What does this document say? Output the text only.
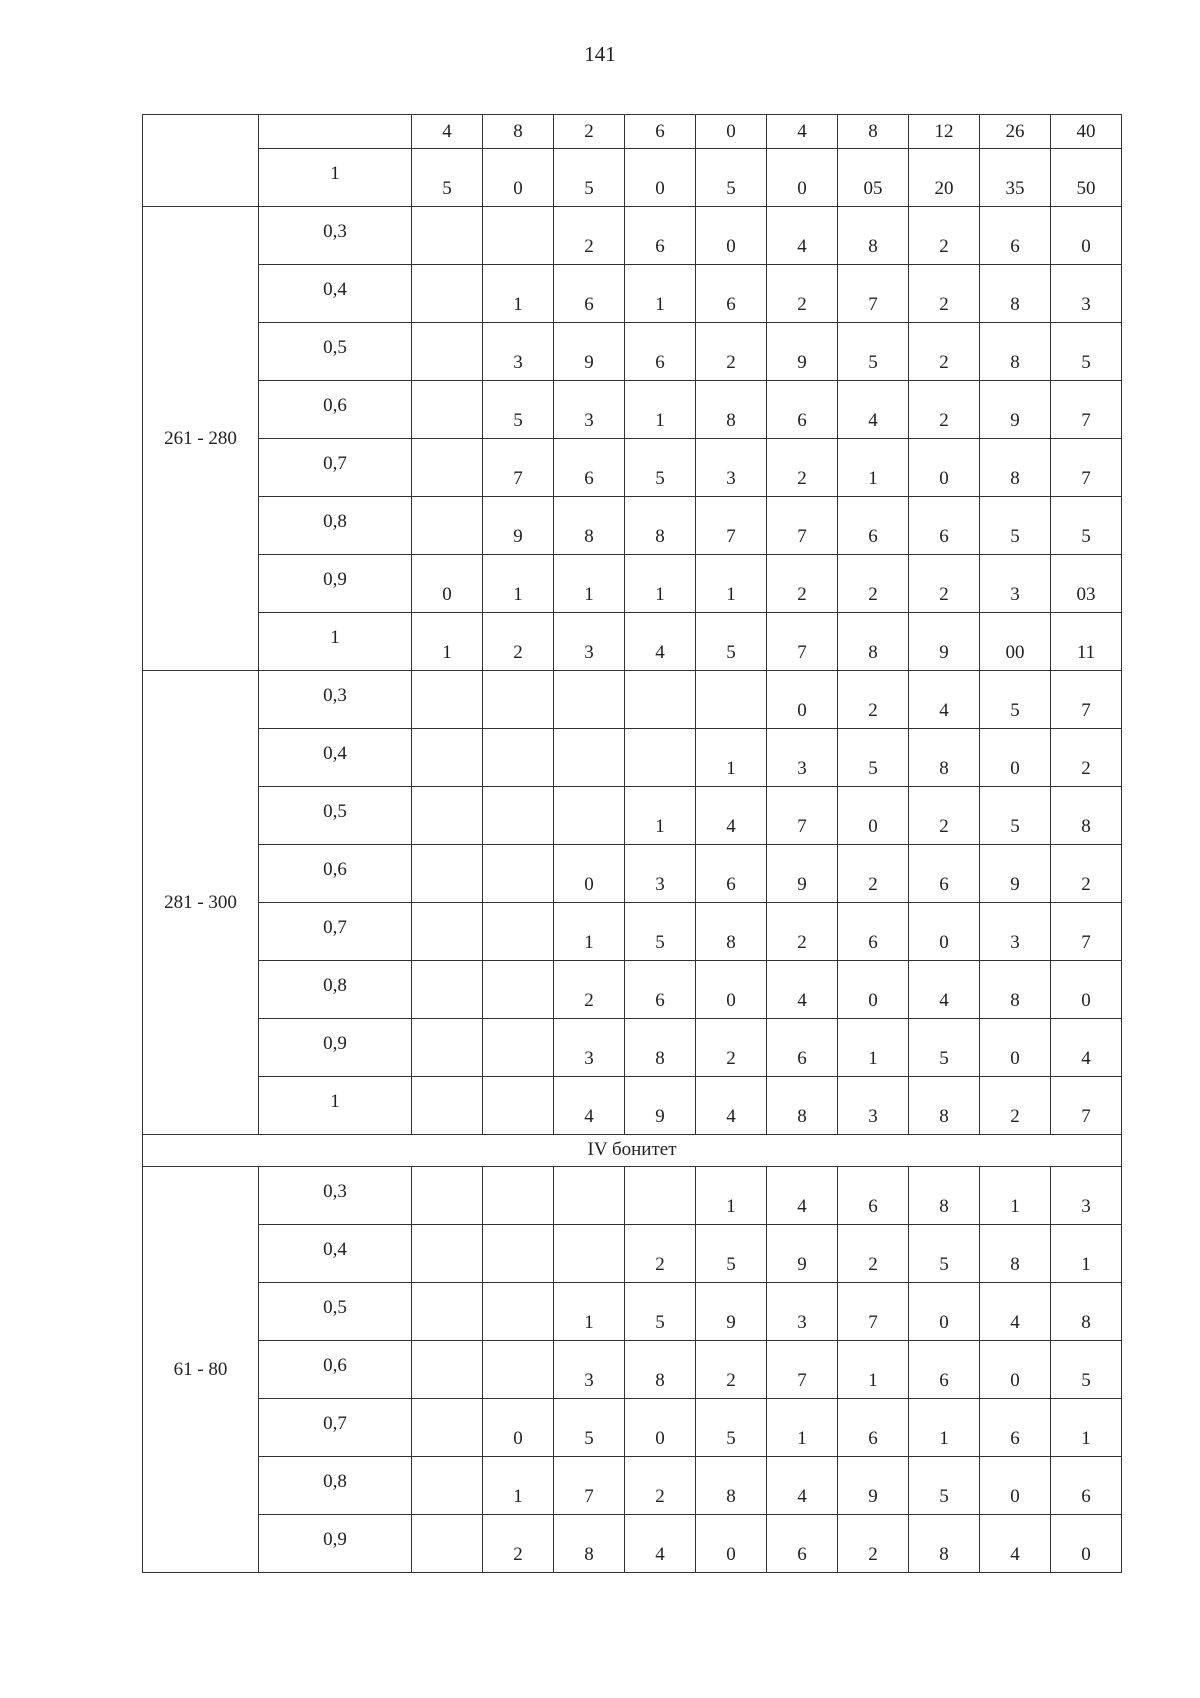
141
		4	8	2	6	0	4	8	12	26	40

	1	5	0	5	0	5	0	05	20	35	50

261 - 280	0,3			2	6	0	4	8	2	6	0

	0,4		1	6	1	6	2	7	2	8	3

	0,5		3	9	6	2	9	5	2	8	5

	0,6		5	3	1	8	6	4	2	9	7

	0,7		7	6	5	3	2	1	0	8	7

	0,8		9	8	8	7	7	6	6	5	5

	0,9	0	1	1	1	1	2	2	2	3	03

	1	1	2	3	4	5	7	8	9	00	11

281 - 300	0,3						0	2	4	5	7

	0,4					1	3	5	8	0	2

	0,5				1	4	7	0	2	5	8

	0,6			0	3	6	9	2	6	9	2

	0,7			1	5	8	2	6	0	3	7

	0,8			2	6	0	4	0	4	8	0

	0,9			3	8	2	6	1	5	0	4

	1			4	9	4	8	3	8	2	7

IV бонитет											

61 - 80	0,3					1	4	6	8	1	3

	0,4				2	5	9	2	5	8	1

	0,5			1	5	9	3	7	0	4	8

	0,6			3	8	2	7	1	6	0	5

	0,7		0	5	0	5	1	6	1	6	1

	0,8		1	7	2	8	4	9	5	0	6

	0,9		2	8	4	0	6	2	8	4	0
